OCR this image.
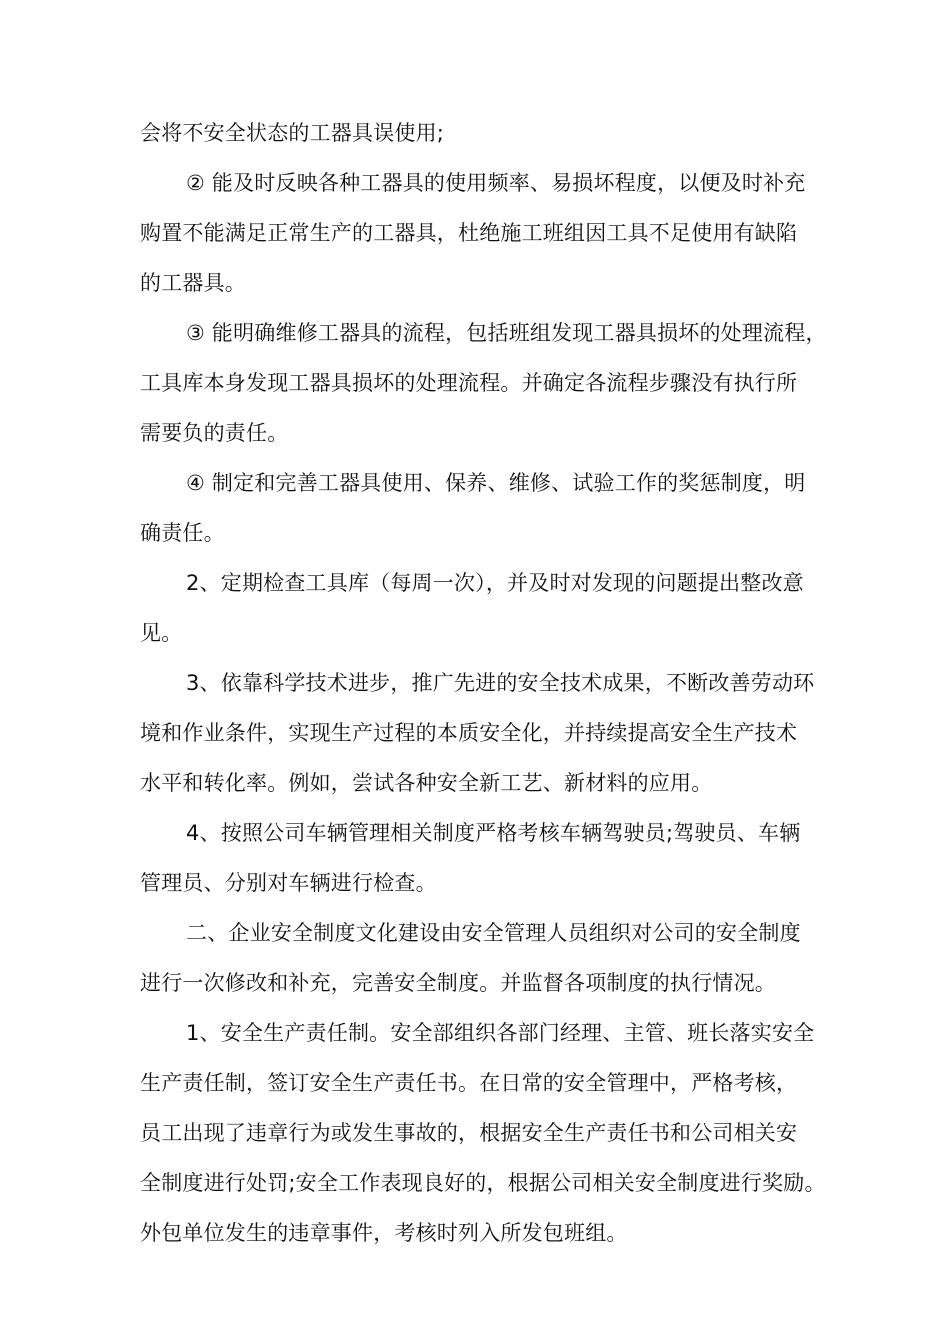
会将不安全状态的工器具误使用;
② 能及时反映各种工器具的使用频率、易损坏程度，以便及时补充
购置不能满足正常生产的工器具，杜绝施工班组因工具不足使用有缺陷
的工器具。
③ 能明确维修工器具的流程，包括班组发现工器具损坏的处理流程，
工具库本身发现工器具损坏的处理流程。并确定各流程步骤没有执行所
需要负的责任。
④ 制定和完善工器具使用、保养、维修、试验工作的奖惩制度，明
确责任。
2、定期检查工具库（每周一次），并及时对发现的问题提出整改意
见。
3、依靠科学技术进步，推广先进的安全技术成果，不断改善劳动环
境和作业条件，实现生产过程的本质安全化，并持续提高安全生产技术
水平和转化率。例如，尝试各种安全新工艺、新材料的应用。
4、按照公司车辆管理相关制度严格考核车辆驾驶员;驾驶员、车辆
管理员、分别对车辆进行检查。
二、企业安全制度文化建设由安全管理人员组织对公司的安全制度
进行一次修改和补充，完善安全制度。并监督各项制度的执行情况。
1、安全生产责任制。安全部组织各部门经理、主管、班长落实安全
生产责任制，签订安全生产责任书。在日常的安全管理中，严格考核，
员工出现了违章行为或发生事故的，根据安全生产责任书和公司相关安
全制度进行处罚;安全工作表现良好的，根据公司相关安全制度进行奖励。
外包单位发生的违章事件，考核时列入所发包班组。
